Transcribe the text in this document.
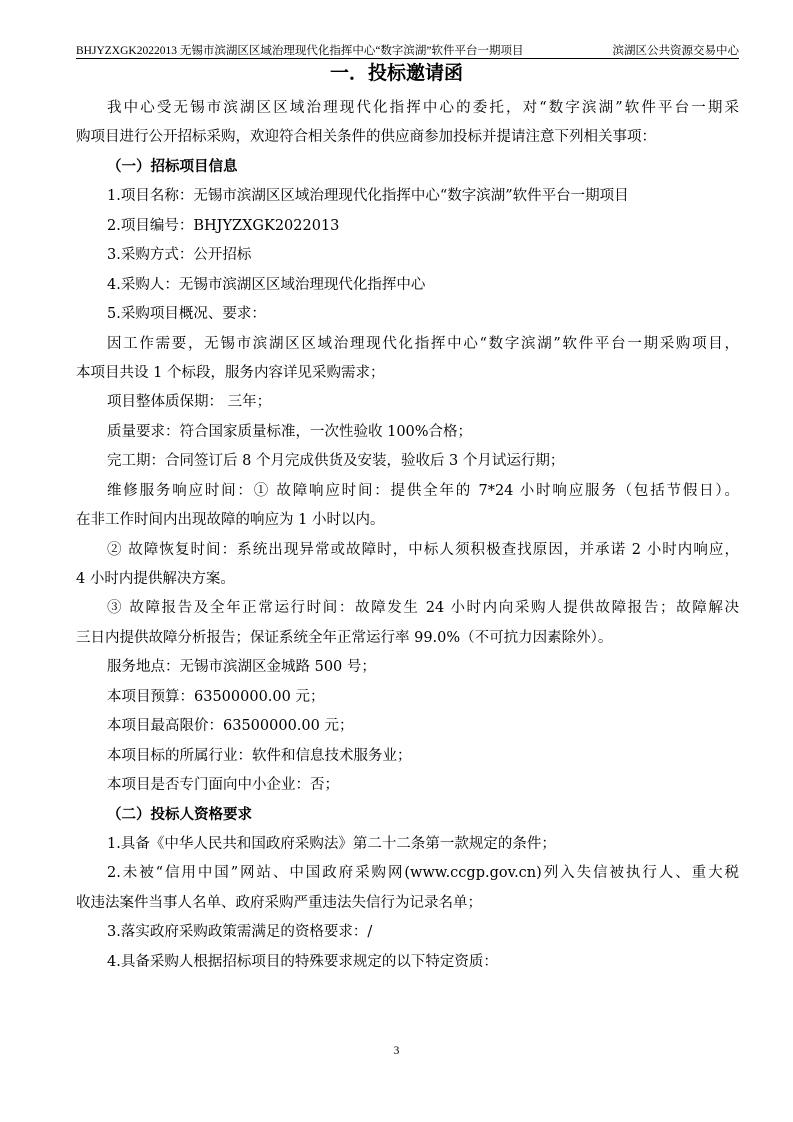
BHJYZXGK2022013 无锡市滨湖区区域治理现代化指挥中心“数字滨湖”软件平台一期项目	滨湖区公共资源交易中心
一．投标邀请函
我中心受无锡市滨湖区区域治理现代化指挥中心的委托，对“数字滨湖”软件平台一期采
购项目进行公开招标采购，欢迎符合相关条件的供应商参加投标并提请注意下列相关事项：
（一）招标项目信息
1.项目名称：无锡市滨湖区区域治理现代化指挥中心“数字滨湖”软件平台一期项目
2.项目编号：BHJYZXGK2022013
3.采购方式：公开招标
4.采购人：无锡市滨湖区区域治理现代化指挥中心
5.采购项目概况、要求：
因工作需要，无锡市滨湖区区域治理现代化指挥中心“数字滨湖”软件平台一期采购项目，
本项目共设 1 个标段，服务内容详见采购需求；
项目整体质保期： 三年；
质量要求：符合国家质量标准，一次性验收 100%合格；
完工期：合同签订后 8 个月完成供货及安装，验收后 3 个月试运行期；
维修服务响应时间：① 故障响应时间：提供全年的 7*24 小时响应服务（包括节假日）。
在非工作时间内出现故障的响应为 1 小时以内。
② 故障恢复时间：系统出现异常或故障时，中标人须积极查找原因，并承诺 2 小时内响应，
4 小时内提供解决方案。
③ 故障报告及全年正常运行时间：故障发生 24 小时内向采购人提供故障报告；故障解决
三日内提供故障分析报告；保证系统全年正常运行率 99.0%（不可抗力因素除外）。
服务地点：无锡市滨湖区金城路 500 号；
本项目预算：63500000.00 元；
本项目最高限价：63500000.00 元；
本项目标的所属行业：软件和信息技术服务业；
本项目是否专门面向中小企业：否；
（二）投标人资格要求
1.具备《中华人民共和国政府采购法》第二十二条第一款规定的条件；
2.未被“信用中国”网站、中国政府采购网(www.ccgp.gov.cn)列入失信被执行人、重大税
收违法案件当事人名单、政府采购严重违法失信行为记录名单；
3.落实政府采购政策需满足的资格要求：/
4.具备采购人根据招标项目的特殊要求规定的以下特定资质：
3
